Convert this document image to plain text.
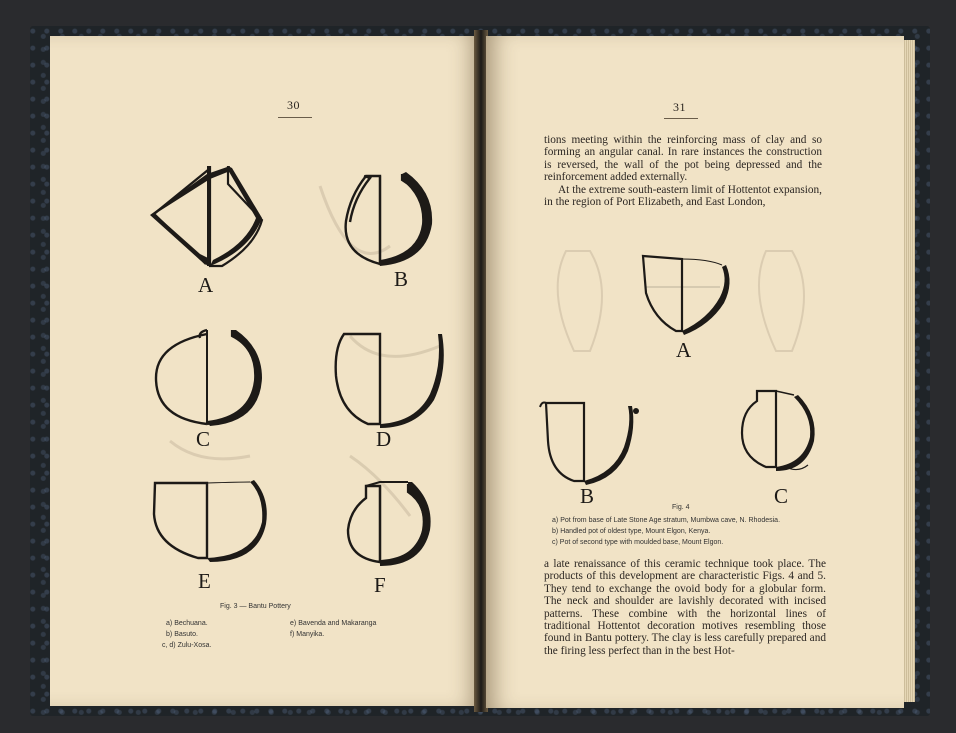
30
A	B
C	D
E	F
Fig. 3 — Bantu Pottery
a) Bechuana.
b) Basuto.
c, d) Zulu-Xosa.
e) Bavenda and Makaranga
f) Manyika.
31

tions meeting within the reinforcing mass of clay and so forming an angular canal. In rare instances the construction is reversed, the wall of the pot being depressed and the reinforcement added externally.

At the extreme south-eastern limit of Hottentot expansion, in the region of Port Elizabeth, and East London,

A
B	C
Fig. 4
a) Pot from base of Late Stone Age stratum, Mumbwa cave, N. Rhodesia.
b) Handled pot of oldest type, Mount Elgon, Kenya.
c) Pot of second type with moulded base, Mount Elgon.

a late renaissance of this ceramic technique took place. The products of this development are characteristic Figs. 4 and 5. They tend to exchange the ovoid body for a globular form. The neck and shoulder are lavishly decorated with incised patterns. These combine with the horizontal lines of traditional Hottentot decoration motives resembling those found in Bantu pottery. The clay is less carefully prepared and the firing less perfect than in the best Hot-
